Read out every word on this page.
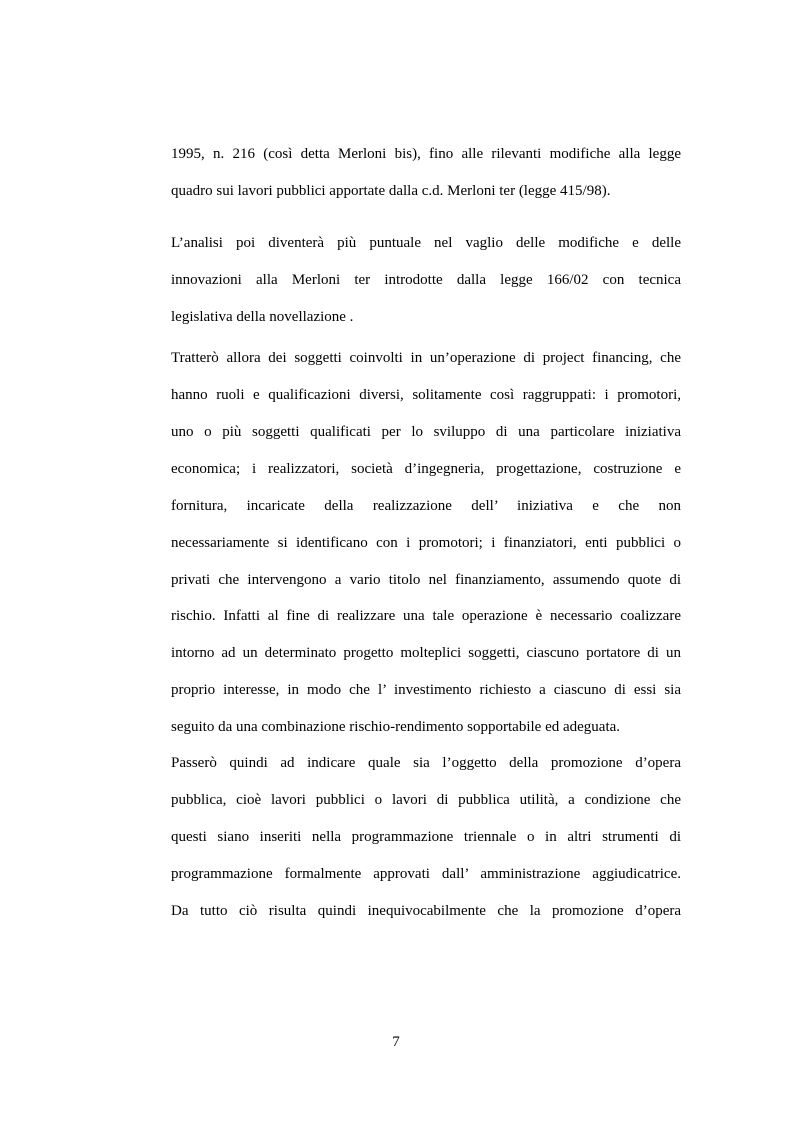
1995, n. 216 (così detta Merloni bis), fino alle rilevanti modifiche alla legge
quadro sui lavori pubblici apportate dalla c.d. Merloni ter (legge 415/98).
L’analisi poi diventerà più puntuale nel vaglio delle modifiche e delle
innovazioni alla Merloni ter introdotte dalla legge 166/02 con tecnica
legislativa della novellazione .
Tratterò allora dei soggetti coinvolti in un’operazione di project financing, che
hanno ruoli e qualificazioni diversi, solitamente così raggruppati: i promotori,
uno o più soggetti qualificati per lo sviluppo di una particolare iniziativa
economica; i realizzatori, società d’ingegneria, progettazione, costruzione e
fornitura, incaricate della realizzazione dell’ iniziativa e che non
necessariamente si identificano con i promotori; i finanziatori, enti pubblici o
privati che intervengono a vario titolo nel finanziamento, assumendo quote di
rischio. Infatti al fine di realizzare una tale operazione è necessario coalizzare
intorno ad un determinato progetto molteplici soggetti, ciascuno portatore di un
proprio interesse, in modo che l’ investimento richiesto a ciascuno di essi sia
seguito da una combinazione rischio-rendimento sopportabile ed adeguata.
Passerò quindi ad indicare quale sia l’oggetto della promozione d’opera
pubblica, cioè lavori pubblici o lavori di pubblica utilità, a condizione che
questi siano inseriti nella programmazione triennale o in altri strumenti di
programmazione formalmente approvati dall’ amministrazione aggiudicatrice.
Da tutto ciò risulta quindi inequivocabilmente che la promozione d’opera
7
